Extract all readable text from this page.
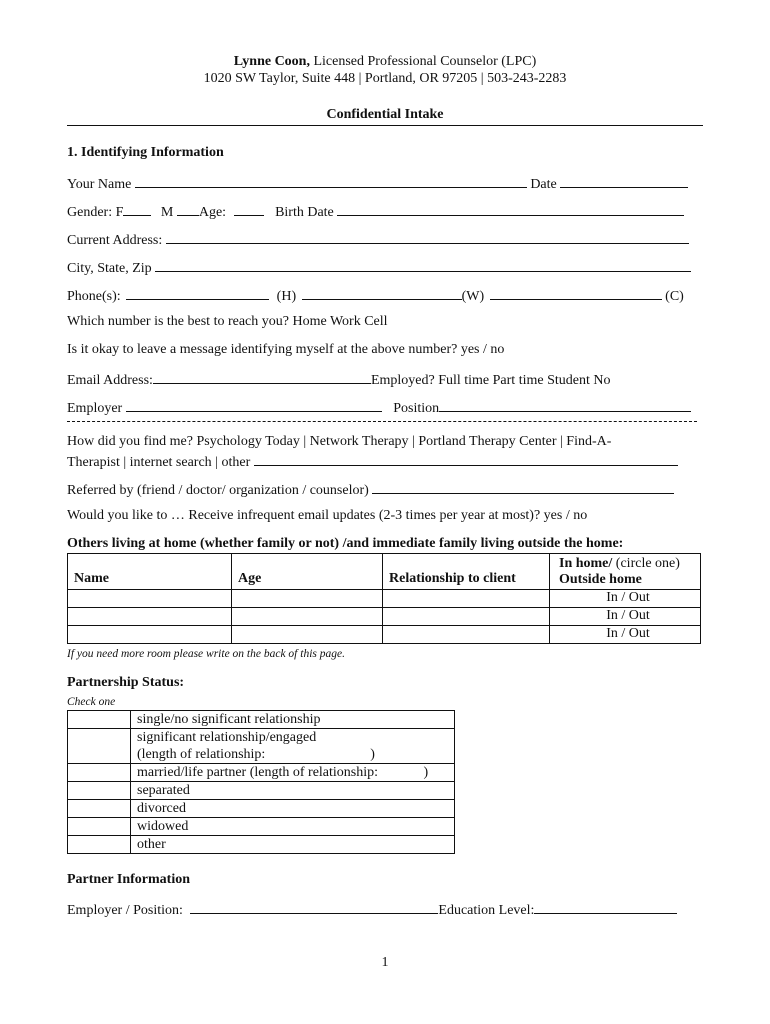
Lynne Coon, Licensed Professional Counselor (LPC)
1020 SW Taylor, Suite 448 | Portland, OR 97205 | 503-243-2283
Confidential Intake
1. Identifying Information
Your Name	Date
Gender: F	M Age:	Birth Date
Current Address:
City, State, Zip
Phone(s):	(H)	(W)	(C)
Which number is the best to reach you? Home Work Cell
Is it okay to leave a message identifying myself at the above number? yes / no
Email Address:	Employed? Full time Part time Student No
Employer	Position
How did you find me? Psychology Today | Network Therapy | Portland Therapy Center | Find-A-
Therapist | internet search | other
Referred by (friend / doctor/ organization / counselor)
Would you like to … Receive infrequent email updates (2-3 times per year at most)? yes / no
Others living at home (whether family or not) /and immediate family living outside the home:
Name	Age	Relationship to client	In home/ (circle one)
Outside home
			In / Out
			In / Out
			In / Out
If you need more room please write on the back of this page.
Partnership Status:
Check one
	single/no significant relationship
	significant relationship/engaged
(length of relationship:                              )
	married/life partner (length of relationship:             )
	separated
	divorced
	widowed
	other
Partner Information
Employer / Position:	Education Level:
1
